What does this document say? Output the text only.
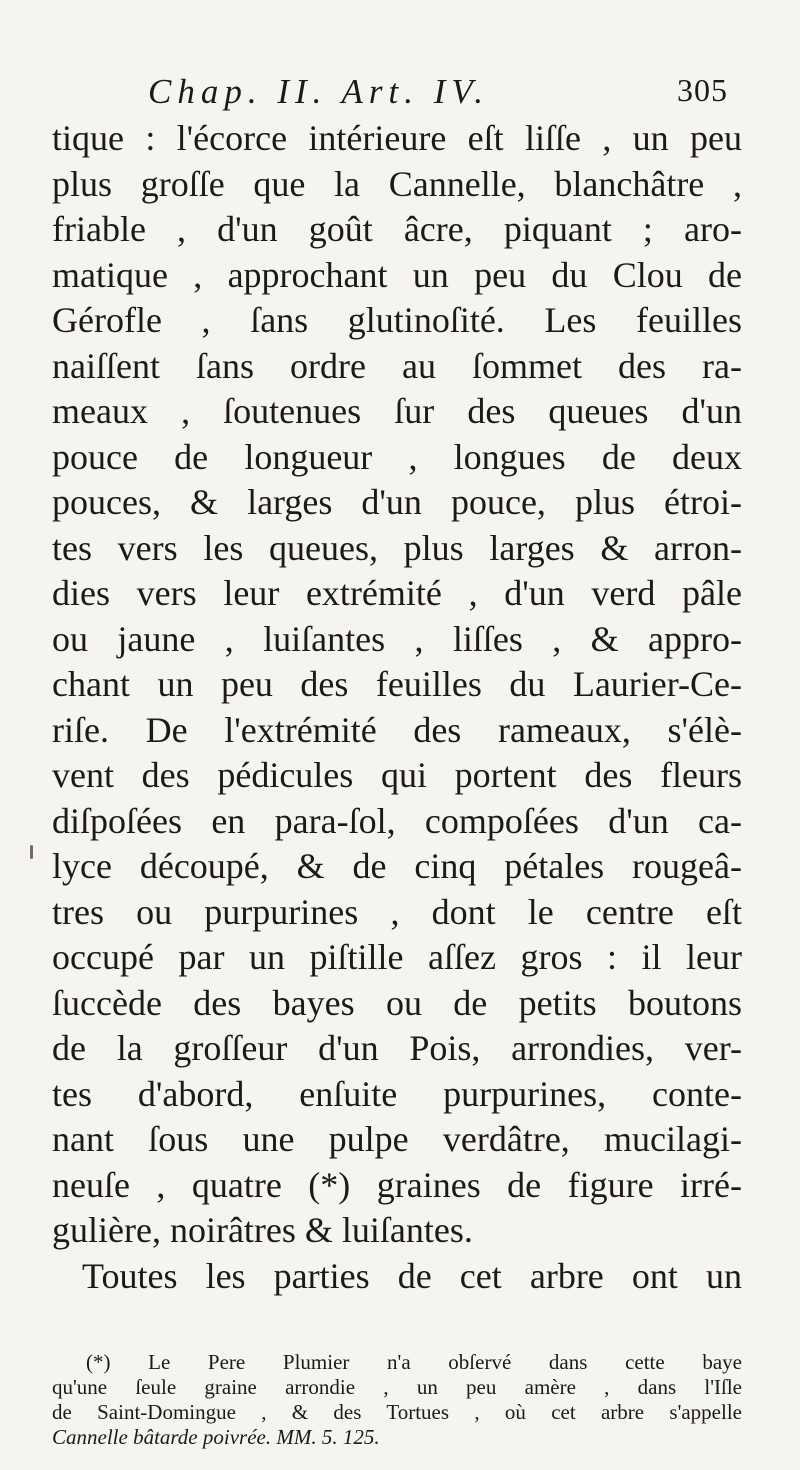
Chap. II. Art. IV.	305
tique : l'écorce intérieure eſt liſſe , un peu
plus groſſe que la Cannelle, blanchâtre ,
friable , d'un goût âcre, piquant ; aro-
matique , approchant un peu du Clou de
Gérofle , ſans glutinoſité. Les feuilles
naiſſent ſans ordre au ſommet des ra-
meaux , ſoutenues ſur des queues d'un
pouce de longueur , longues de deux
pouces, & larges d'un pouce, plus étroi-
tes vers les queues, plus larges & arron-
dies vers leur extrémité , d'un verd pâle
ou jaune , luiſantes , liſſes , & appro-
chant un peu des feuilles du Laurier-Ce-
riſe. De l'extrémité des rameaux, s'élè-
vent des pédicules qui portent des fleurs
diſpoſées en para-ſol, compoſées d'un ca-
lyce découpé, & de cinq pétales rougeâ-
tres ou purpurines , dont le centre eſt
occupé par un piſtille aſſez gros : il leur
ſuccède des bayes ou de petits boutons
de la groſſeur d'un Pois, arrondies, ver-
tes d'abord, enſuite purpurines, conte-
nant ſous une pulpe verdâtre, mucilagi-
neuſe , quatre (*) graines de figure irré-
gulière, noirâtres & luiſantes.
Toutes les parties de cet arbre ont un
(*) Le Pere Plumier n'a obſervé dans cette baye
qu'une ſeule graine arrondie , un peu amère , dans l'Iſle
de Saint-Domingue , & des Tortues , où cet arbre s'appelle
Cannelle bâtarde poivrée. MM. 5. 125.
